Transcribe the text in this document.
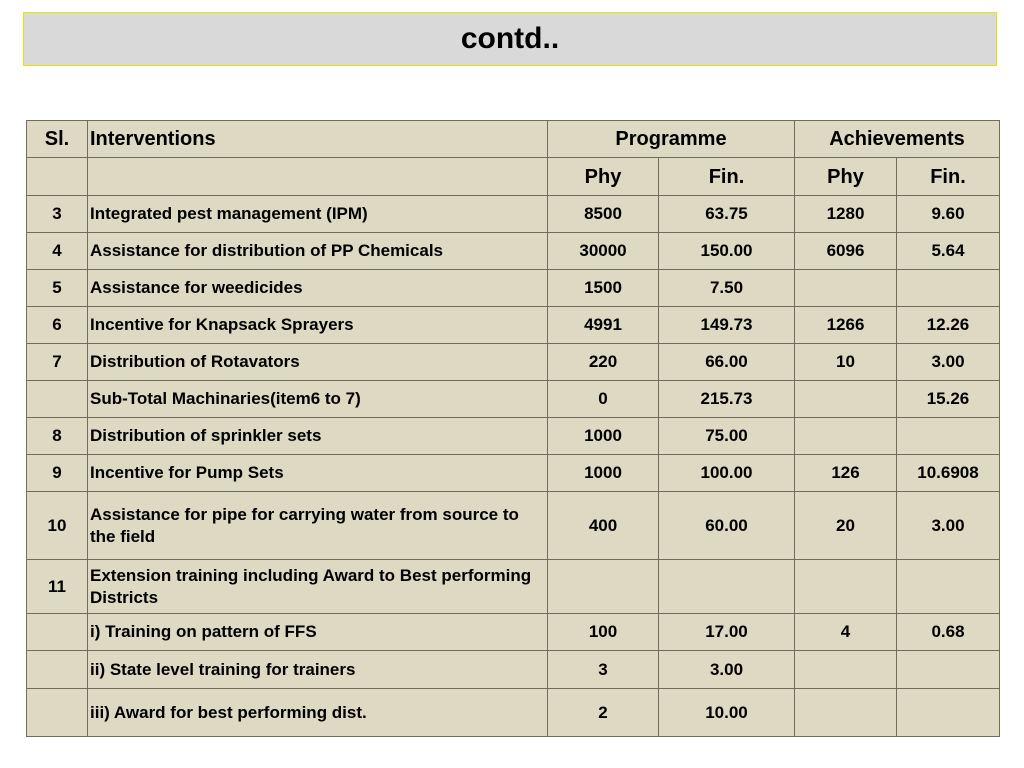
contd..
Sl.	Interventions	Programme		Achievements	
		Phy	Fin.	Phy	Fin.
3	Integrated pest management (IPM)	8500	63.75	1280	9.60
4	Assistance for distribution of PP Chemicals	30000	150.00	6096	5.64
5	Assistance for weedicides	1500	7.50		
6	Incentive for Knapsack Sprayers	4991	149.73	1266	12.26
7	Distribution of Rotavators	220	66.00	10	3.00
	Sub-Total Machinaries(item6 to 7)	0	215.73		15.26
8	Distribution of sprinkler sets	1000	75.00		
9	Incentive for Pump Sets	1000	100.00	126	10.6908
10	Assistance for pipe for carrying water from source to the field	400	60.00	20	3.00
11	Extension training including Award to Best performing Districts				
	i) Training on pattern of FFS	100	17.00	4	0.68
	ii) State level training for trainers	3	3.00		
	iii) Award for best performing dist.	2	10.00		
